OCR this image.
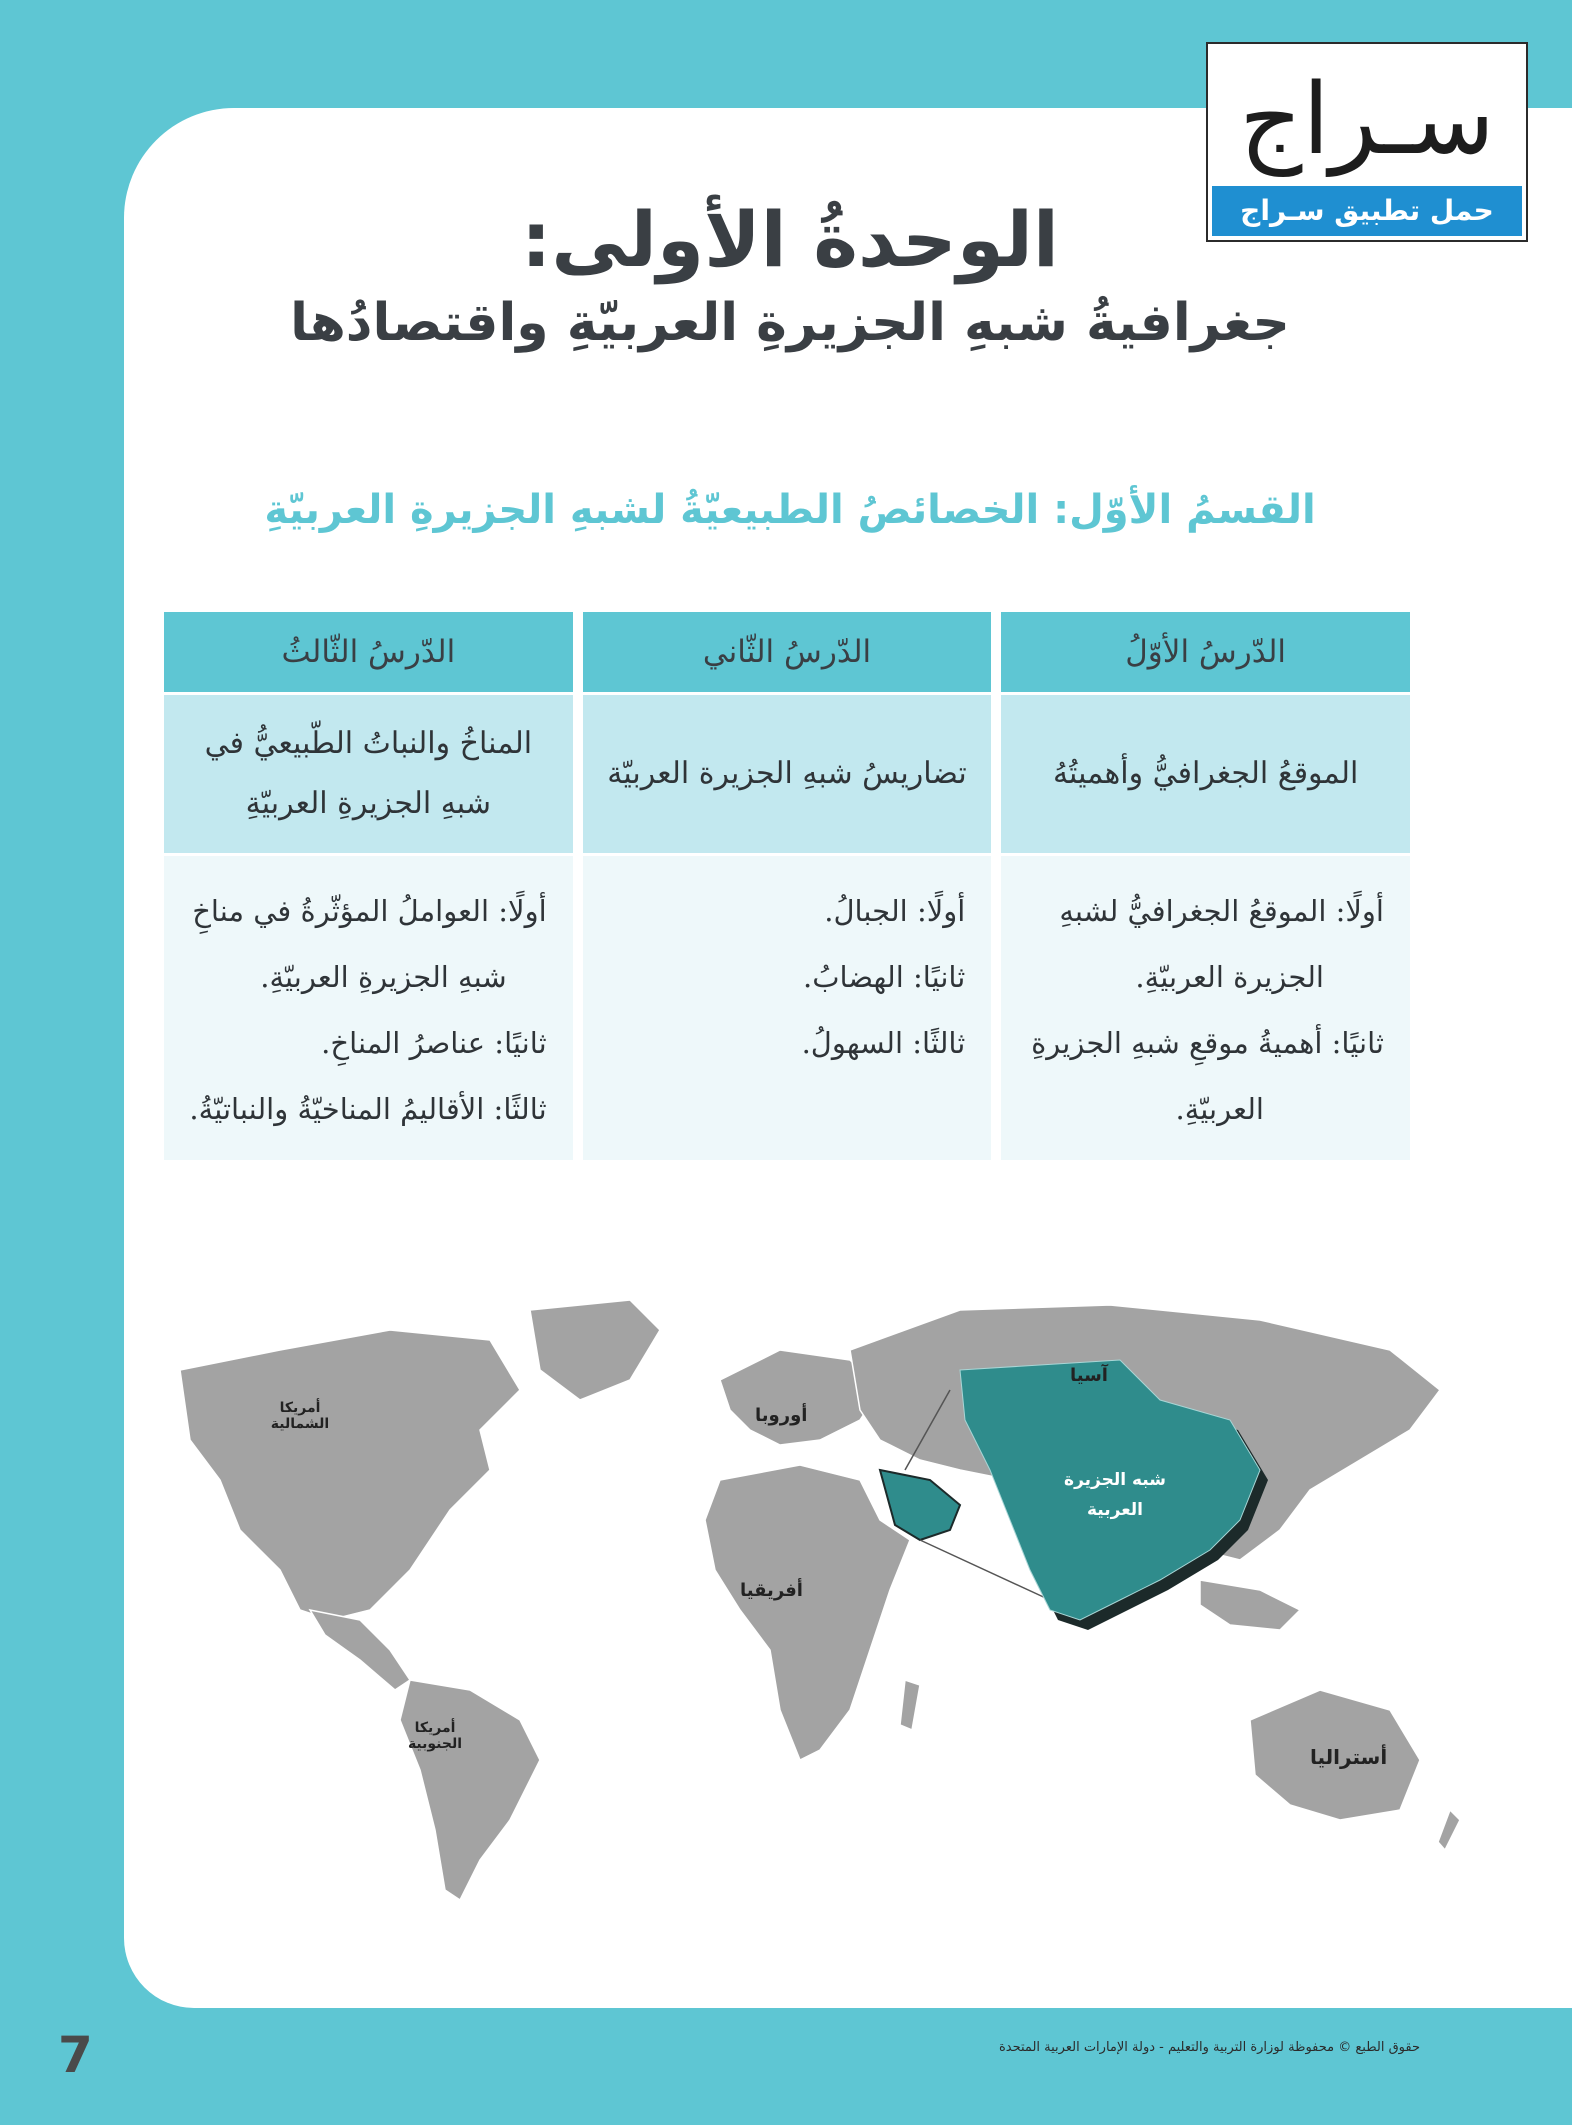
سـراج
حمل تطبيق سـراج
الوحدةُ الأولى:
جغرافيةُ شبهِ الجزيرةِ العربيّةِ واقتصادُها
القسمُ الأوّل: الخصائصُ الطبيعيّةُ لشبهِ الجزيرةِ العربيّةِ
الدّرسُ الأوّلُ
الموقعُ الجغرافيُّ وأهميتُهُ
أولًا: الموقعُ الجغرافيُّ لشبهِ
الجزيرة العربيّةِ.
ثانيًا: أهميةُ موقعِ شبهِ الجزيرةِ
العربيّةِ.
الدّرسُ الثّاني
تضاريسُ شبهِ الجزيرة العربيّة
أولًا: الجبالُ.
ثانيًا: الهضابُ.
ثالثًا: السهولُ.
الدّرسُ الثّالثُ
المناخُ والنباتُ الطّبيعيُّ في شبهِ الجزيرةِ العربيّةِ
أولًا: العواملُ المؤثّرةُ في مناخِ
شبهِ الجزيرةِ العربيّةِ.
ثانيًا: عناصرُ المناخِ.
ثالثًا: الأقاليمُ المناخيّةُ والنباتيّةُ.
أمريكا الشمالية
أمريكا الجنوبية
أوروبا
أفريقيا
آسيا
أستراليا
شبه الجزيرة العربية
حقوق الطبع © محفوظة لوزارة التربية والتعليم - دولة الإمارات العربية المتحدة
7
